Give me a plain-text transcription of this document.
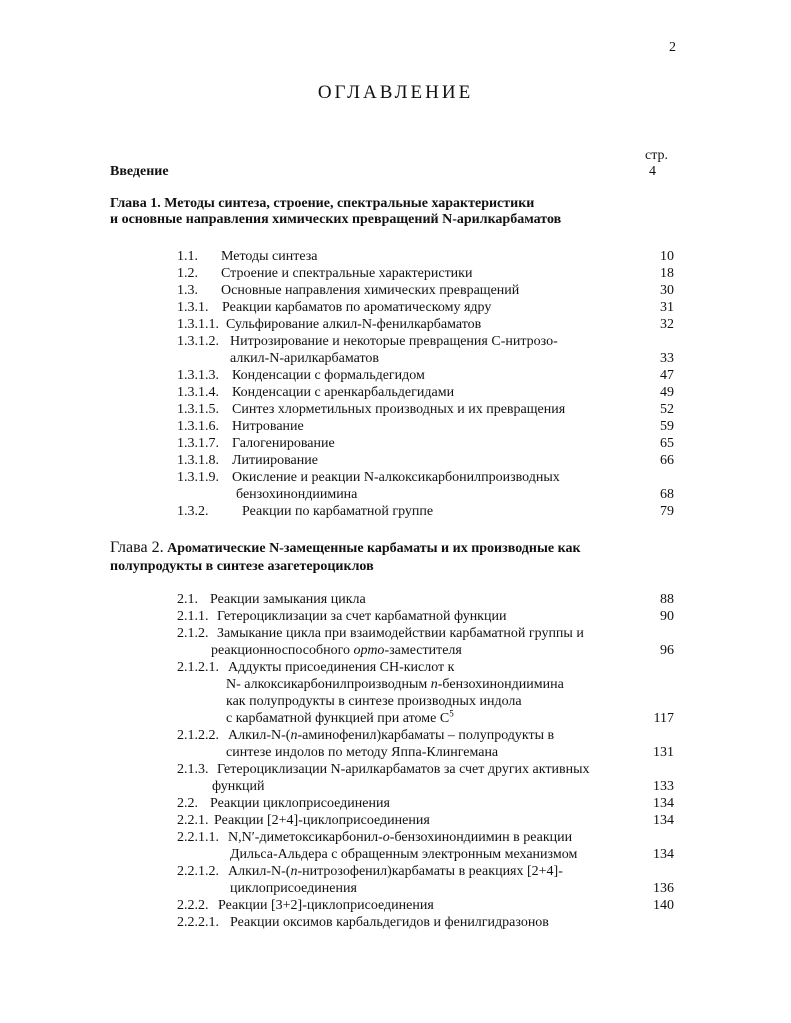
2
ОГЛАВЛЕНИЕ
стр.
Введение	4
Глава 1. Методы синтеза, строение, спектральные характеристики
и основные направления химических превращений N-арилкарбаматов
1.1. Методы синтеза	10
1.2. Строение и спектральные характеристики	18
1.3. Основные направления химических превращений	30
1.3.1. Реакции карбаматов по ароматическому ядру	31
1.3.1.1. Сульфирование алкил-N-фенилкарбаматов	32
1.3.1.2. Нитрозирование и некоторые превращения С-нитрозо-
алкил-N-арилкарбаматов	33
1.3.1.3. Конденсации с формальдегидом	47
1.3.1.4. Конденсации с аренкарбальдегидами	49
1.3.1.5. Синтез хлорметильных производных и их превращения	52
1.3.1.6. Нитрование	59
1.3.1.7. Галогенирование	65
1.3.1.8. Литиирование	66
1.3.1.9. Окисление и реакции N-алкоксикарбонилпроизводных
бензохинондиимина	68
1.3.2. Реакции по карбаматной группе	79
Глава 2. Ароматические N-замещенные карбаматы и их производные как
полупродукты в синтезе азагетероциклов
2.1. Реакции замыкания цикла	88
2.1.1. Гетероциклизации за счет карбаматной функции	90
2.1.2. Замыкание цикла при взаимодействии карбаматной группы и
реакционноспособного орто-заместителя	96
2.1.2.1. Аддукты присоединения СН-кислот к
N- алкоксикарбонилпроизводным п-бензохинондиимина
как полупродукты в синтезе производных индола
с карбаматной функцией при атоме $С^5$	117
2.1.2.2. Алкил-N-(п-аминофенил)карбаматы – полупродукты в
синтезе индолов по методу Яппа-Клингемана	131
2.1.3. Гетероциклизации N-арилкарбаматов за счет других активных
функций	133
2.2. Реакции циклоприсоединения	134
2.2.1. Реакции [2+4]-циклоприсоединения	134
2.2.1.1. N,N′-диметоксикарбонил-о-бензохинондиимин в реакции
Дильса-Альдера с обращенным электронным механизмом	134
2.2.1.2. Алкил-N-(п-нитрозофенил)карбаматы в реакциях [2+4]-
циклоприсоединения	136
2.2.2. Реакции [3+2]-циклоприсоединения	140
2.2.2.1. Реакции оксимов карбальдегидов и фенилгидразонов
